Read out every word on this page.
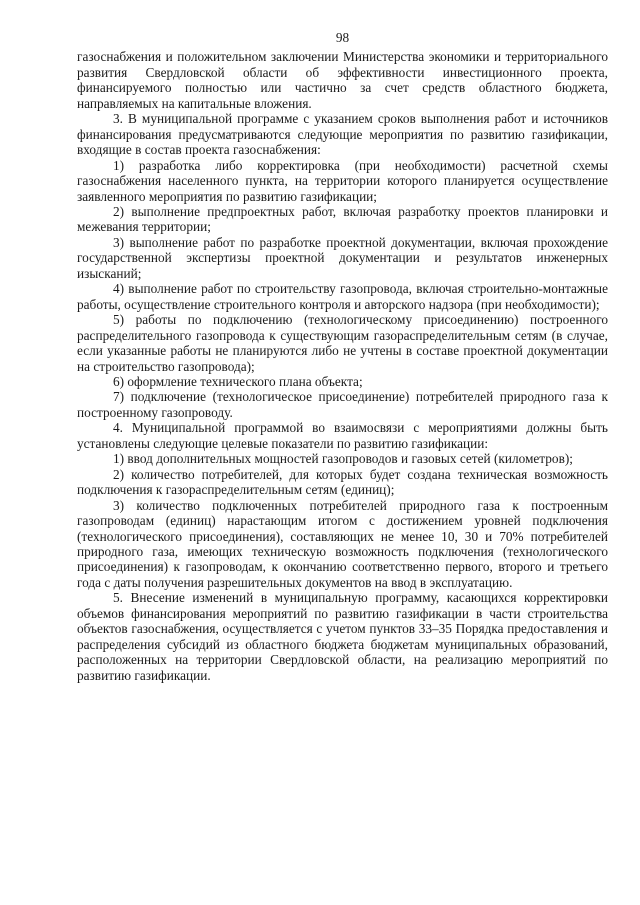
98

газоснабжения и положительном заключении Министерства экономики и территориального развития Свердловской области об эффективности инвестиционного проекта, финансируемого полностью или частично за счет средств областного бюджета, направляемых на капитальные вложения.

3. В муниципальной программе с указанием сроков выполнения работ и источников финансирования предусматриваются следующие мероприятия по развитию газификации, входящие в состав проекта газоснабжения:

1) разработка либо корректировка (при необходимости) расчетной схемы газоснабжения населенного пункта, на территории которого планируется осуществление заявленного мероприятия по развитию газификации;

2) выполнение предпроектных работ, включая разработку проектов планировки и межевания территории;

3) выполнение работ по разработке проектной документации, включая прохождение государственной экспертизы проектной документации и результатов инженерных изысканий;

4) выполнение работ по строительству газопровода, включая строительно-монтажные работы, осуществление строительного контроля и авторского надзора (при необходимости);

5) работы по подключению (технологическому присоединению) построенного распределительного газопровода к существующим газораспределительным сетям (в случае, если указанные работы не планируются либо не учтены в составе проектной документации на строительство газопровода);

6) оформление технического плана объекта;

7) подключение (технологическое присоединение) потребителей природного газа к построенному газопроводу.

4. Муниципальной программой во взаимосвязи с мероприятиями должны быть установлены следующие целевые показатели по развитию газификации:

1) ввод дополнительных мощностей газопроводов и газовых сетей (километров);

2) количество потребителей, для которых будет создана техническая возможность подключения к газораспределительным сетям (единиц);

3) количество подключенных потребителей природного газа к построенным газопроводам (единиц) нарастающим итогом с достижением уровней подключения (технологического присоединения), составляющих не менее 10, 30 и 70% потребителей природного газа, имеющих техническую возможность подключения (технологического присоединения) к газопроводам, к окончанию соответственно первого, второго и третьего года с даты получения разрешительных документов на ввод в эксплуатацию.

5. Внесение изменений в муниципальную программу, касающихся корректировки объемов финансирования мероприятий по развитию газификации в части строительства объектов газоснабжения, осуществляется с учетом пунктов 33–35 Порядка предоставления и распределения субсидий из областного бюджета бюджетам муниципальных образований, расположенных на территории Свердловской области, на реализацию мероприятий по развитию газификации.
